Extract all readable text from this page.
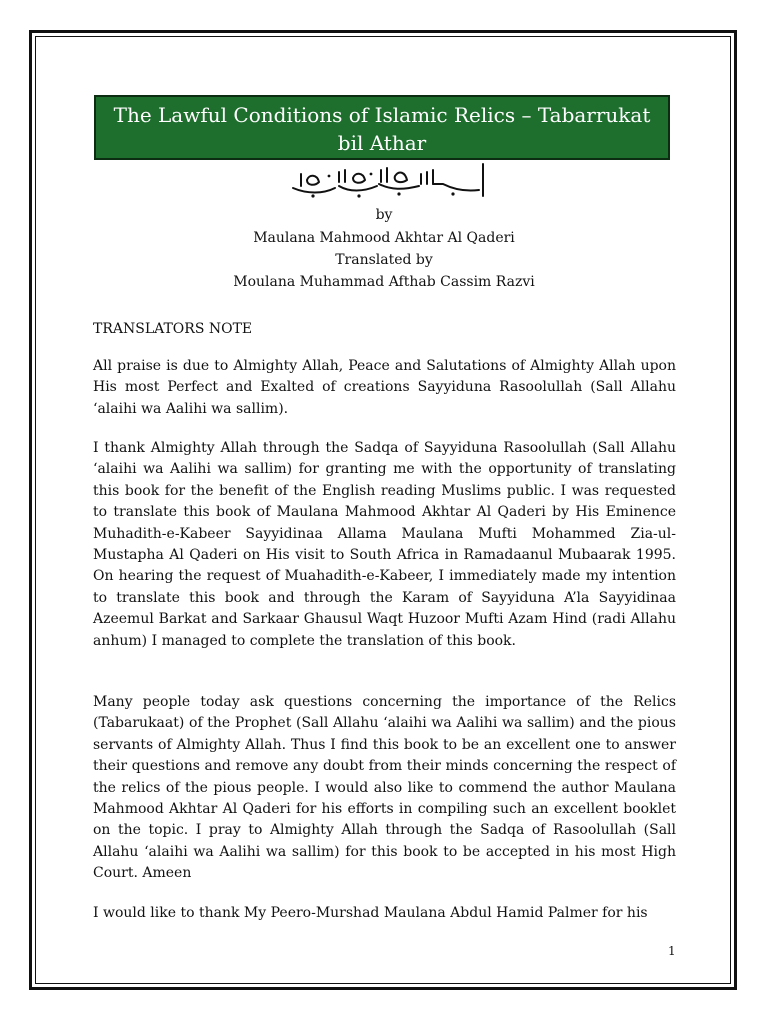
The Lawful Conditions of Islamic Relics – Tabarrukat bil Athar
by
Maulana Mahmood Akhtar Al Qaderi
Translated by
Moulana Muhammad Afthab Cassim Razvi
TRANSLATORS NOTE

All praise is due to Almighty Allah, Peace and Salutations of Almighty Allah upon His most Perfect and Exalted of creations Sayyiduna Rasoolullah (Sall Allahu ‘alaihi wa Aalihi wa sallim).

I thank Almighty Allah through the Sadqa of Sayyiduna Rasoolullah (Sall Allahu ‘alaihi wa Aalihi wa sallim) for granting me with the opportunity of translating this book for the benefit of the English reading Muslims public. I was requested to translate this book of Maulana Mahmood Akhtar Al Qaderi by His Eminence Muhadith-e-Kabeer Sayyidinaa Allama Maulana Mufti Mohammed Zia-ul-Mustapha Al Qaderi on His visit to South Africa in Ramadaanul Mubaarak 1995. On hearing the request of Muahadith-e-Kabeer, I immediately made my intention to translate this book and through the Karam of Sayyiduna A’la Sayyidinaa Azeemul Barkat and Sarkaar Ghausul Waqt Huzoor Mufti Azam Hind (radi Allahu anhum) I managed to complete the translation of this book.

Many people today ask questions concerning the importance of the Relics (Tabarukaat) of the Prophet (Sall Allahu ‘alaihi wa Aalihi wa sallim) and the pious servants of Almighty Allah. Thus I find this book to be an excellent one to answer their questions and remove any doubt from their minds concerning the respect of the relics of the pious people. I would also like to commend the author Maulana Mahmood Akhtar Al Qaderi for his efforts in compiling such an excellent booklet on the topic. I pray to Almighty Allah through the Sadqa of Rasoolullah (Sall Allahu ‘alaihi wa Aalihi wa sallim) for this book to be accepted in his most High Court. Ameen

I would like to thank My Peero-Murshad Maulana Abdul Hamid Palmer for his

1
